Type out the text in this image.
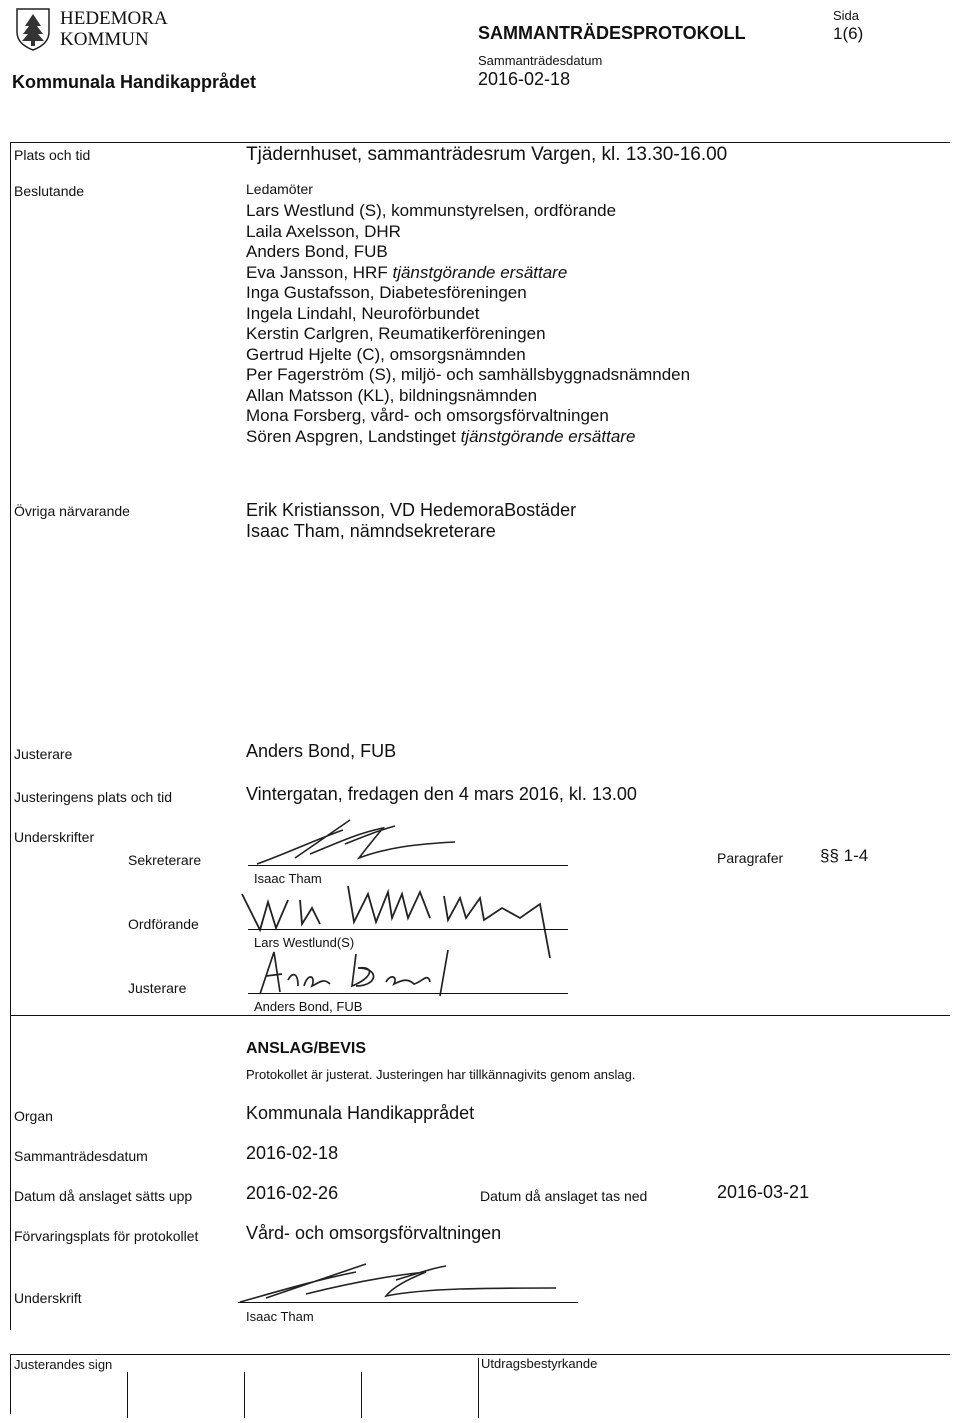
HEDEMORA
KOMMUN
Kommunala Handikapprådet
SAMMANTRÄDESPROTOKOLL
Sammanträdesdatum
2016-02-18
Sida
1(6)
Plats och tid	Tjädernhuset, sammanträdesrum Vargen, kl. 13.30-16.00
Beslutande	Ledamöter
Lars Westlund (S), kommunstyrelsen, ordförande
Laila Axelsson, DHR
Anders Bond, FUB
Eva Jansson, HRF tjänstgörande ersättare
Inga Gustafsson, Diabetesföreningen
Ingela Lindahl, Neuroförbundet
Kerstin Carlgren, Reumatikerföreningen
Gertrud Hjelte (C), omsorgsnämnden
Per Fagerström (S), miljö- och samhällsbyggnadsnämnden
Allan Matsson (KL), bildningsnämnden
Mona Forsberg, vård- och omsorgsförvaltningen
Sören Aspgren, Landstinget tjänstgörande ersättare
Övriga närvarande	Erik Kristiansson, VD HedemoraBostäder
Isaac Tham, nämndsekreterare
Justerare	Anders Bond, FUB
Justeringens plats och tid	Vintergatan, fredagen den 4 mars 2016, kl. 13.00
Underskrifter
Sekreterare
Isaac Tham
Paragrafer §§ 1-4
Ordförande
Lars Westlund(S)
Justerare
Anders Bond, FUB
ANSLAG/BEVIS
Protokollet är justerat. Justeringen har tillkännagivits genom anslag.
Organ	Kommunala Handikapprådet
Sammanträdesdatum	2016-02-18
Datum då anslaget sätts upp	2016-02-26	Datum då anslaget tas ned	2016-03-21
Förvaringsplats för protokollet	Vård- och omsorgsförvaltningen
Underskrift
Isaac Tham
Justerandes sign	Utdragsbestyrkande
